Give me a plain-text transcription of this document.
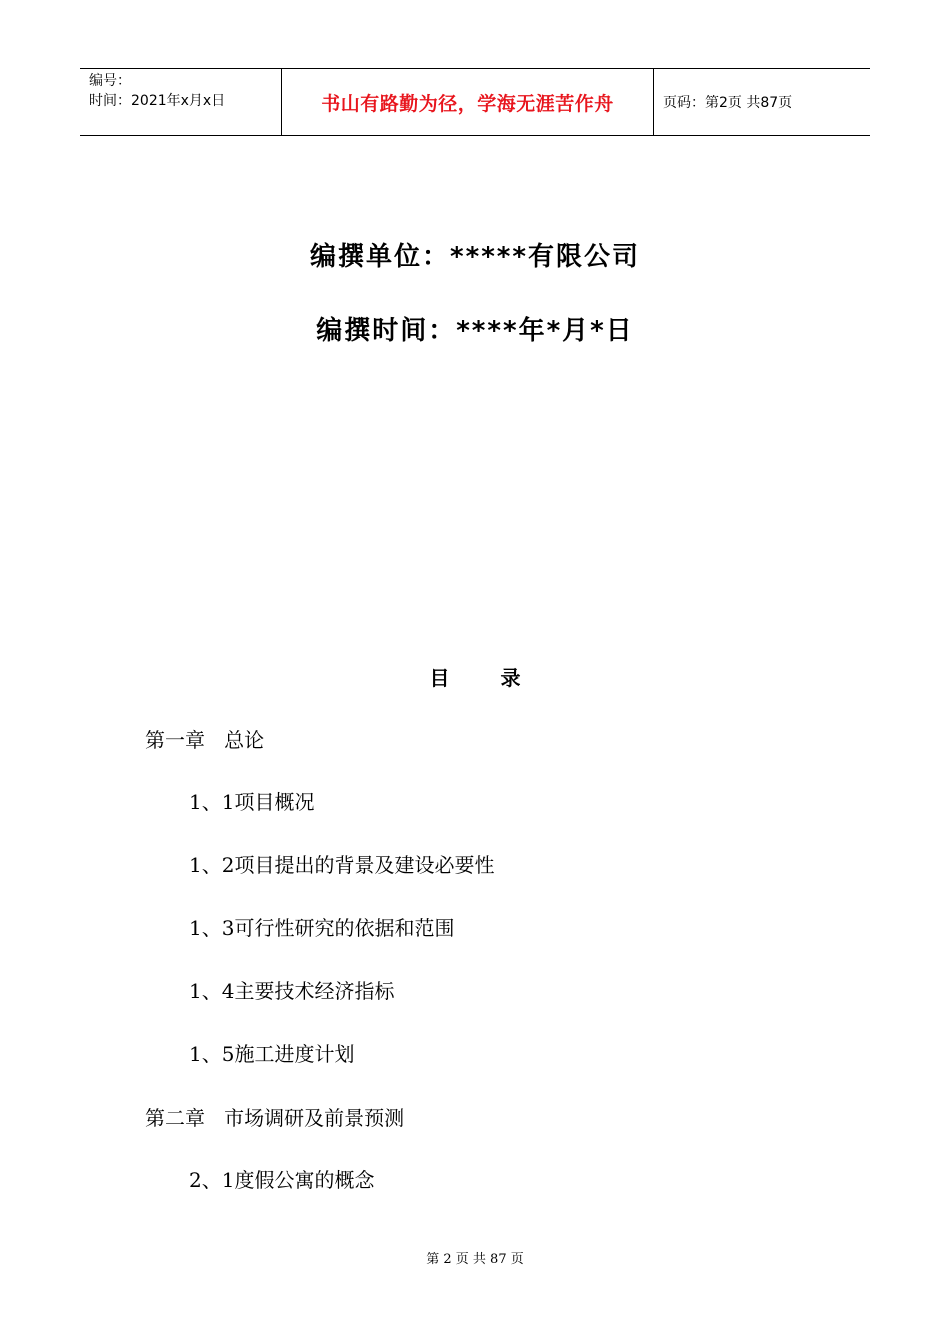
编号：
时间：2021年x月x日	书山有路勤为径，学海无涯苦作舟	页码：第2页 共87页
编撰单位：*****有限公司
编撰时间：****年*月*日
目 录
第一章   总论
1、1项目概况
1、2项目提出的背景及建设必要性
1、3可行性研究的依据和范围
1、4主要技术经济指标
1、5施工进度计划
第二章   市场调研及前景预测
2、1度假公寓的概念
第 2 页 共 87 页
